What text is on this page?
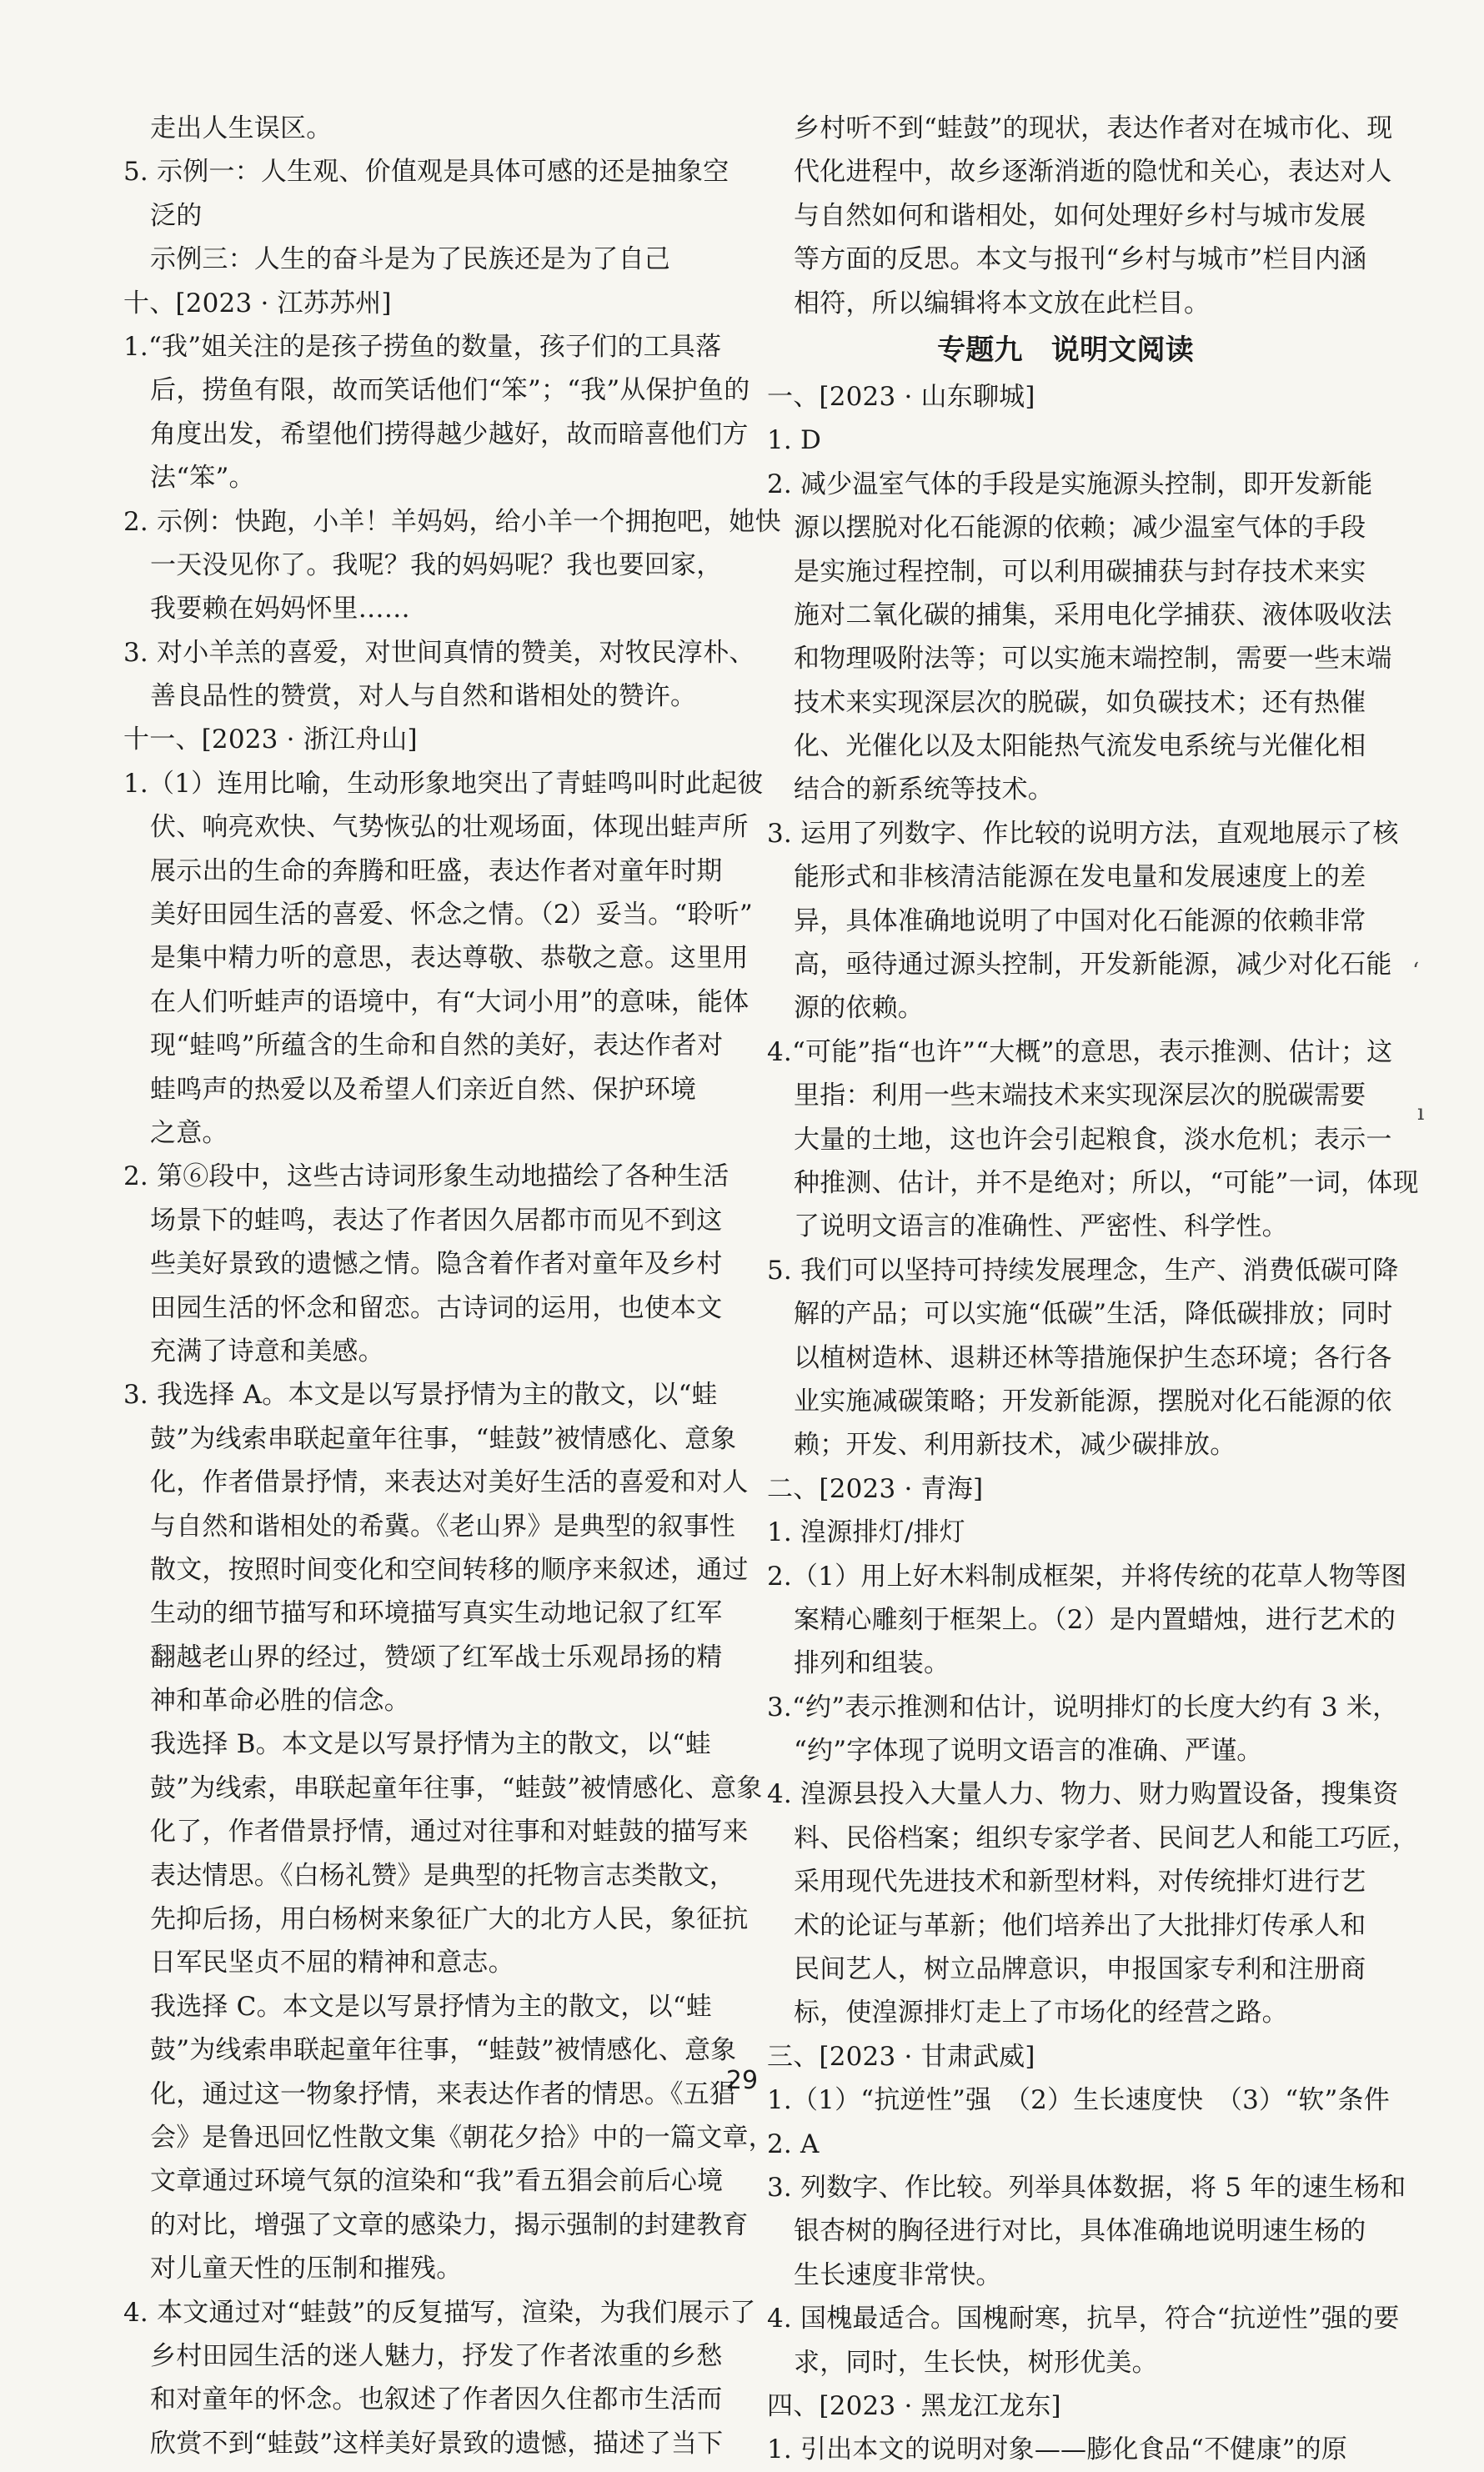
走出人生误区。
5. 示例一：人生观、价值观是具体可感的还是抽象空
泛的
示例三：人生的奋斗是为了民族还是为了自己
十、[2023 · 江苏苏州]
1.“我”姐关注的是孩子捞鱼的数量，孩子们的工具落
后，捞鱼有限，故而笑话他们“笨”；“我”从保护鱼的
角度出发，希望他们捞得越少越好，故而暗喜他们方
法“笨”。
2. 示例：快跑，小羊！羊妈妈，给小羊一个拥抱吧，她快
一天没见你了。我呢？我的妈妈呢？我也要回家，
我要赖在妈妈怀里……
3. 对小羊羔的喜爱，对世间真情的赞美，对牧民淳朴、
善良品性的赞赏，对人与自然和谐相处的赞许。
十一、[2023 · 浙江舟山]
1.（1）连用比喻，生动形象地突出了青蛙鸣叫时此起彼
伏、响亮欢快、气势恢弘的壮观场面，体现出蛙声所
展示出的生命的奔腾和旺盛，表达作者对童年时期
美好田园生活的喜爱、怀念之情。（2）妥当。“聆听”
是集中精力听的意思，表达尊敬、恭敬之意。这里用
在人们听蛙声的语境中，有“大词小用”的意味，能体
现“蛙鸣”所蕴含的生命和自然的美好，表达作者对
蛙鸣声的热爱以及希望人们亲近自然、保护环境
之意。
2. 第⑥段中，这些古诗词形象生动地描绘了各种生活
场景下的蛙鸣，表达了作者因久居都市而见不到这
些美好景致的遗憾之情。隐含着作者对童年及乡村
田园生活的怀念和留恋。古诗词的运用，也使本文
充满了诗意和美感。
3. 我选择 A。本文是以写景抒情为主的散文，以“蛙
鼓”为线索串联起童年往事，“蛙鼓”被情感化、意象
化，作者借景抒情，来表达对美好生活的喜爱和对人
与自然和谐相处的希冀。《老山界》是典型的叙事性
散文，按照时间变化和空间转移的顺序来叙述，通过
生动的细节描写和环境描写真实生动地记叙了红军
翻越老山界的经过，赞颂了红军战士乐观昂扬的精
神和革命必胜的信念。
我选择 B。本文是以写景抒情为主的散文，以“蛙
鼓”为线索，串联起童年往事，“蛙鼓”被情感化、意象
化了，作者借景抒情，通过对往事和对蛙鼓的描写来
表达情思。《白杨礼赞》是典型的托物言志类散文，
先抑后扬，用白杨树来象征广大的北方人民，象征抗
日军民坚贞不屈的精神和意志。
我选择 C。本文是以写景抒情为主的散文，以“蛙
鼓”为线索串联起童年往事，“蛙鼓”被情感化、意象
化，通过这一物象抒情，来表达作者的情思。《五猖
会》是鲁迅回忆性散文集《朝花夕拾》中的一篇文章，
文章通过环境气氛的渲染和“我”看五猖会前后心境
的对比，增强了文章的感染力，揭示强制的封建教育
对儿童天性的压制和摧残。
4. 本文通过对“蛙鼓”的反复描写，渲染，为我们展示了
乡村田园生活的迷人魅力，抒发了作者浓重的乡愁
和对童年的怀念。也叙述了作者因久住都市生活而
欣赏不到“蛙鼓”这样美好景致的遗憾，描述了当下
乡村听不到“蛙鼓”的现状，表达作者对在城市化、现
代化进程中，故乡逐渐消逝的隐忧和关心，表达对人
与自然如何和谐相处，如何处理好乡村与城市发展
等方面的反思。本文与报刊“乡村与城市”栏目内涵
相符，所以编辑将本文放在此栏目。
专题九　说明文阅读
一、[2023 · 山东聊城]
1. D
2. 减少温室气体的手段是实施源头控制，即开发新能
源以摆脱对化石能源的依赖；减少温室气体的手段
是实施过程控制，可以利用碳捕获与封存技术来实
施对二氧化碳的捕集，采用电化学捕获、液体吸收法
和物理吸附法等；可以实施末端控制，需要一些末端
技术来实现深层次的脱碳，如负碳技术；还有热催
化、光催化以及太阳能热气流发电系统与光催化相
结合的新系统等技术。
3. 运用了列数字、作比较的说明方法，直观地展示了核
能形式和非核清洁能源在发电量和发展速度上的差
异，具体准确地说明了中国对化石能源的依赖非常
高，亟待通过源头控制，开发新能源，减少对化石能
源的依赖。
4.“可能”指“也许”“大概”的意思，表示推测、估计；这
里指：利用一些末端技术来实现深层次的脱碳需要
大量的土地，这也许会引起粮食，淡水危机；表示一
种推测、估计，并不是绝对；所以，“可能”一词，体现
了说明文语言的准确性、严密性、科学性。
5. 我们可以坚持可持续发展理念，生产、消费低碳可降
解的产品；可以实施“低碳”生活，降低碳排放；同时
以植树造林、退耕还林等措施保护生态环境；各行各
业实施减碳策略；开发新能源，摆脱对化石能源的依
赖；开发、利用新技术，减少碳排放。
二、[2023 · 青海]
1. 湟源排灯/排灯
2.（1）用上好木料制成框架，并将传统的花草人物等图
案精心雕刻于框架上。（2）是内置蜡烛，进行艺术的
排列和组装。
3.“约”表示推测和估计，说明排灯的长度大约有 3 米，
“约”字体现了说明文语言的准确、严谨。
4. 湟源县投入大量人力、物力、财力购置设备，搜集资
料、民俗档案；组织专家学者、民间艺人和能工巧匠，
采用现代先进技术和新型材料，对传统排灯进行艺
术的论证与革新；他们培养出了大批排灯传承人和
民间艺人，树立品牌意识，申报国家专利和注册商
标，使湟源排灯走上了市场化的经营之路。
三、[2023 · 甘肃武威]
1.（1）“抗逆性”强　（2）生长速度快　（3）“软”条件
2. A
3. 列数字、作比较。列举具体数据，将 5 年的速生杨和
银杏树的胸径进行对比，具体准确地说明速生杨的
生长速度非常快。
4. 国槐最适合。国槐耐寒，抗旱，符合“抗逆性”强的要
求，同时，生长快，树形优美。
四、[2023 · 黑龙江龙东]
1. 引出本文的说明对象——膨化食品“不健康”的原
29
ʻ
ı
